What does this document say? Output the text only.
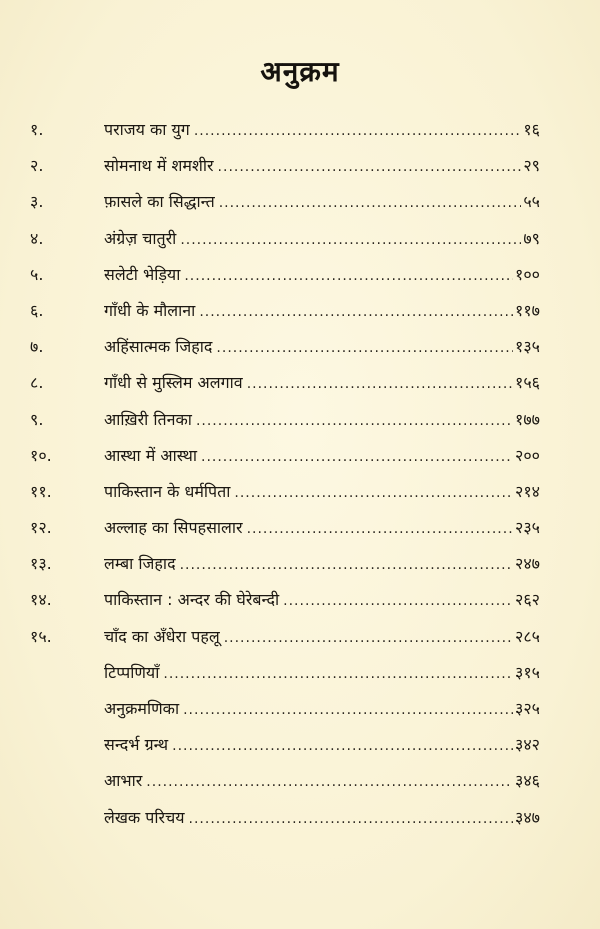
अनुक्रम
१.	पराजय का युग .....	१६
२.	सोमनाथ में शमशीर .....	२९
३.	फ़ासले का सिद्धान्त .....	५५
४.	अंग्रेज़ चातुरी .....	७९
५.	सलेटी भेड़िया .....	१००
६.	गाँधी के मौलाना .....	११७
७.	अहिंसात्मक जिहाद .....	१३५
८.	गाँधी से मुस्लिम अलगाव .....	१५६
९.	आख़िरी तिनका .....	१७७
१०.	आस्था में आस्था .....	२००
११.	पाकिस्तान के धर्मपिता .....	२१४
१२.	अल्लाह का सिपहसालार .....	२३५
१३.	लम्बा जिहाद .....	२४७
१४.	पाकिस्तान : अन्दर की घेरेबन्दी .....	२६२
१५.	चाँद का अँधेरा पहलू .....	२८५
टिप्पणियाँ .....	३१५
अनुक्रमणिका .....	३२५
सन्दर्भ ग्रन्थ .....	३४२
आभार .....	३४६
लेखक परिचय .....	३४७
